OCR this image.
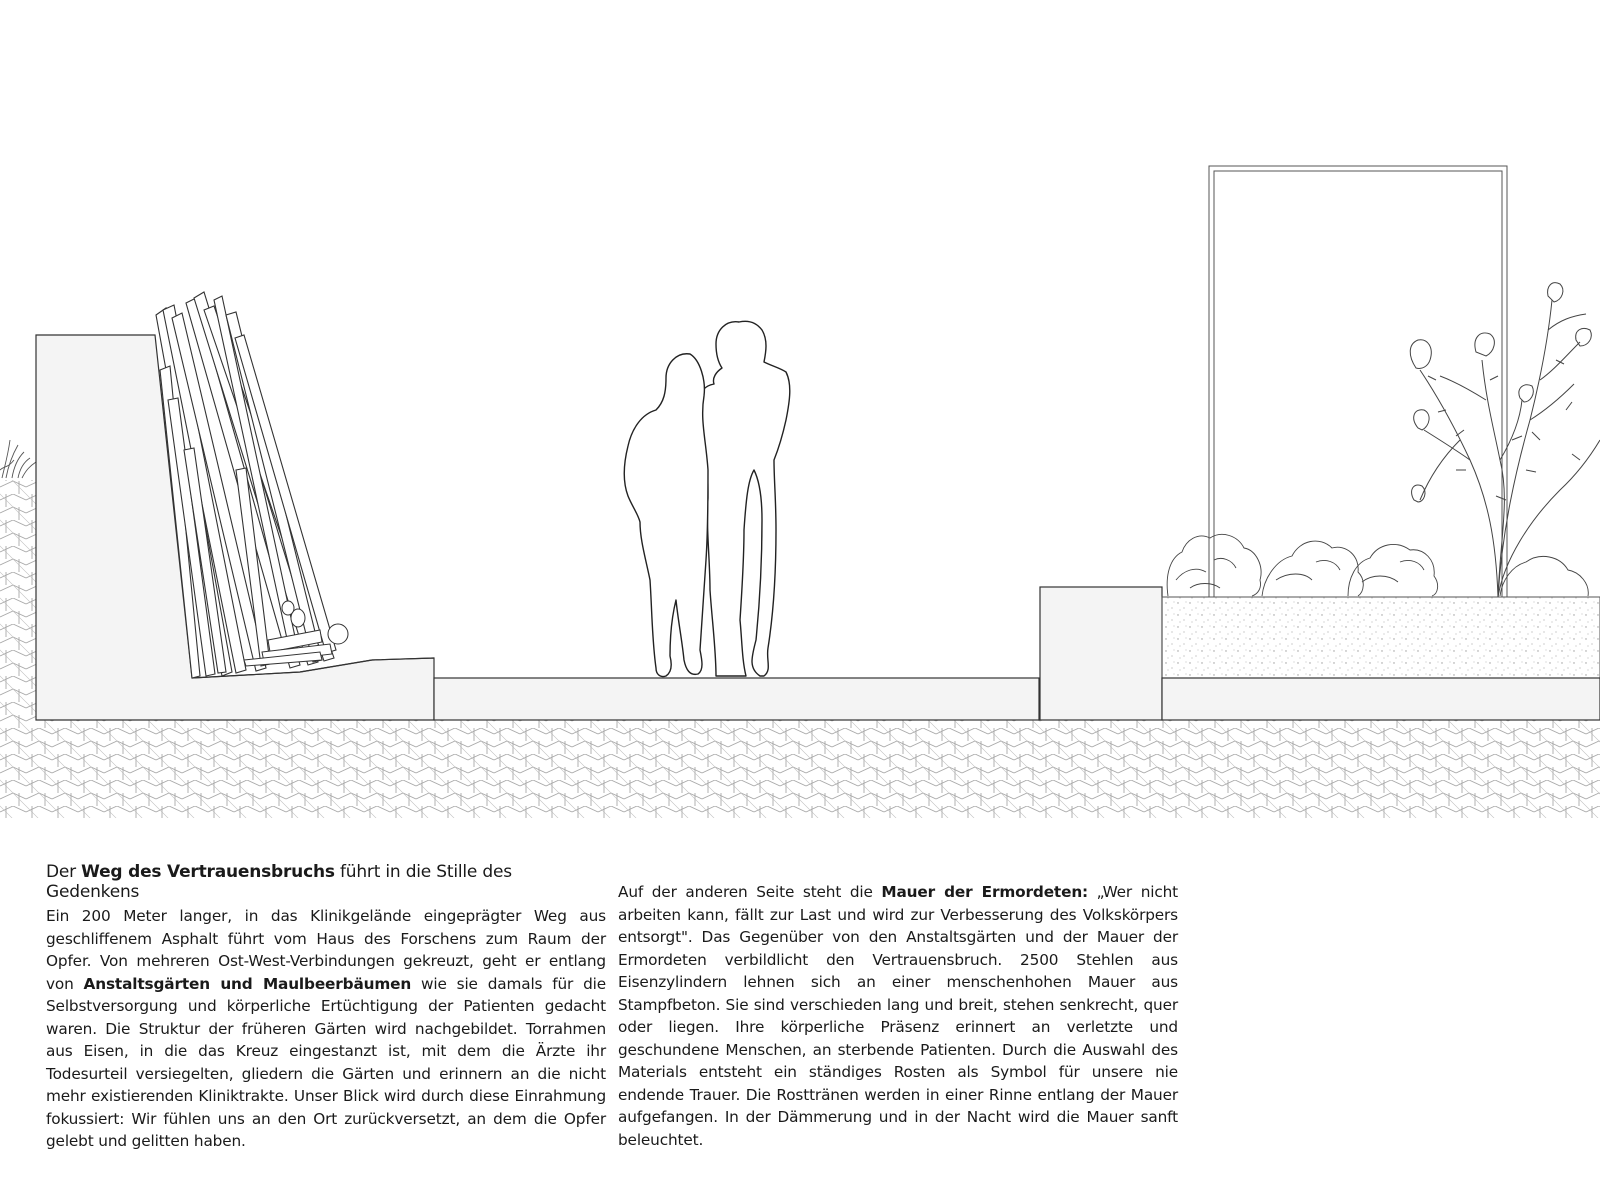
Der Weg des Vertrauensbruchs führt in die Stille des Gedenkens
Ein 200 Meter langer, in das Klinikgelände eingeprägter Weg aus geschliffenem Asphalt führt vom Haus des Forschens zum Raum der Opfer. Von mehreren Ost-West-Verbindungen gekreuzt, geht er entlang von Anstaltsgärten und Maulbeerbäumen wie sie damals für die Selbstversorgung und körperliche Ertüchtigung der Patienten gedacht waren. Die Struktur der früheren Gärten wird nachgebildet. Torrahmen aus Eisen, in die das Kreuz eingestanzt ist, mit dem die Ärzte ihr Todesurteil versiegelten, gliedern die Gärten und erinnern an die nicht mehr existierenden Kliniktrakte. Unser Blick wird durch diese Einrahmung fokussiert: Wir fühlen uns an den Ort zurückversetzt, an dem die Opfer gelebt und gelitten haben.
Auf der anderen Seite steht die Mauer der Ermordeten: „Wer nicht arbeiten kann, fällt zur Last und wird zur Verbesserung des Volkskörpers entsorgt". Das Gegenüber von den Anstaltsgärten und der Mauer der Ermordeten verbildlicht den Vertrauensbruch. 2500 Stehlen aus Eisenzylindern lehnen sich an einer menschenhohen Mauer aus Stampfbeton. Sie sind verschieden lang und breit, stehen senkrecht, quer oder liegen. Ihre körperliche Präsenz erinnert an verletzte und geschundene Menschen, an sterbende Patienten. Durch die Auswahl des Materials entsteht ein ständiges Rosten als Symbol für unsere nie endende Trauer. Die Rosttränen werden in einer Rinne entlang der Mauer aufgefangen. In der Dämmerung und in der Nacht wird die Mauer sanft beleuchtet.
